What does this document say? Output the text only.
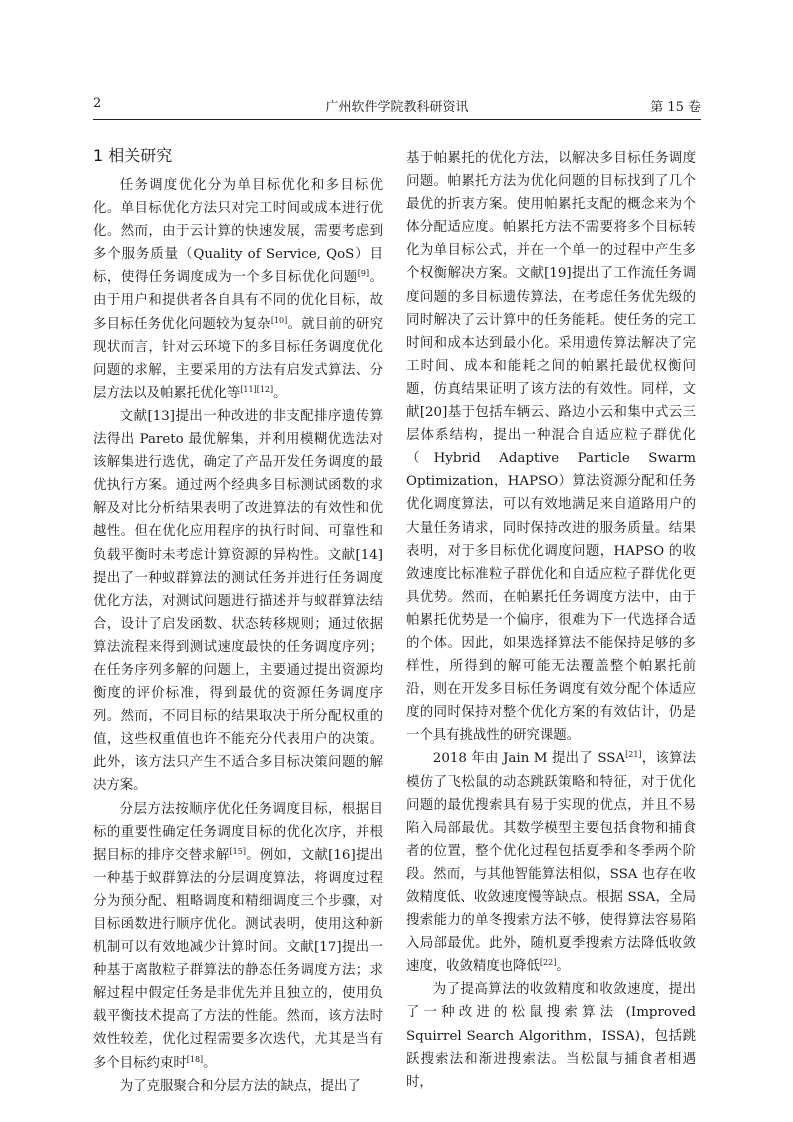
2	广州软件学院教科研资讯	第 15 卷
1 相关研究

任务调度优化分为单目标优化和多目标优化。单目标优化方法只对完工时间或成本进行优化。然而，由于云计算的快速发展，需要考虑到多个服务质量（Quality of Service, QoS）目标，使得任务调度成为一个多目标优化问题[9]。由于用户和提供者各自具有不同的优化目标，故多目标任务优化问题较为复杂[10]。就目前的研究现状而言，针对云环境下的多目标任务调度优化问题的求解，主要采用的方法有启发式算法、分层方法以及帕累托优化等[11][12]。

文献[13]提出一种改进的非支配排序遗传算法得出 Pareto 最优解集，并利用模糊优选法对该解集进行选优，确定了产品开发任务调度的最优执行方案。通过两个经典多目标测试函数的求解及对比分析结果表明了改进算法的有效性和优越性。但在优化应用程序的执行时间、可靠性和负载平衡时未考虑计算资源的异构性。文献[14]提出了一种蚁群算法的测试任务并进行任务调度优化方法，对测试问题进行描述并与蚁群算法结合，设计了启发函数、状态转移规则；通过依据算法流程来得到测试速度最快的任务调度序列；在任务序列多解的问题上，主要通过提出资源均衡度的评价标准，得到最优的资源任务调度序列。然而，不同目标的结果取决于所分配权重的值，这些权重值也许不能充分代表用户的决策。此外，该方法只产生不适合多目标决策问题的解决方案。

分层方法按顺序优化任务调度目标，根据目标的重要性确定任务调度目标的优化次序，并根据目标的排序交替求解[15]。例如，文献[16]提出一种基于蚁群算法的分层调度算法，将调度过程分为预分配、粗略调度和精细调度三个步骤，对目标函数进行顺序优化。测试表明，使用这种新机制可以有效地减少计算时间。文献[17]提出一种基于离散粒子群算法的静态任务调度方法；求解过程中假定任务是非优先并且独立的，使用负载平衡技术提高了方法的性能。然而，该方法时效性较差，优化过程需要多次迭代，尤其是当有多个目标约束时[18]。

为了克服聚合和分层方法的缺点，提出了

基于帕累托的优化方法，以解决多目标任务调度问题。帕累托方法为优化问题的目标找到了几个最优的折衷方案。使用帕累托支配的概念来为个体分配适应度。帕累托方法不需要将多个目标转化为单目标公式，并在一个单一的过程中产生多个权衡解决方案。文献[19]提出了工作流任务调度问题的多目标遗传算法，在考虑任务优先级的同时解决了云计算中的任务能耗。使任务的完工时间和成本达到最小化。采用遗传算法解决了完工时间、成本和能耗之间的帕累托最优权衡问题，仿真结果证明了该方法的有效性。同样，文献[20]基于包括车辆云、路边小云和集中式云三层体系结构，提出一种混合自适应粒子群优化（Hybrid Adaptive Particle Swarm Optimization，HAPSO）算法资源分配和任务优化调度算法，可以有效地满足来自道路用户的大量任务请求，同时保持改进的服务质量。结果表明，对于多目标优化调度问题，HAPSO 的收敛速度比标准粒子群优化和自适应粒子群优化更具优势。然而，在帕累托任务调度方法中，由于帕累托优势是一个偏序，很难为下一代选择合适的个体。因此，如果选择算法不能保持足够的多样性，所得到的解可能无法覆盖整个帕累托前沿，则在开发多目标任务调度有效分配个体适应度的同时保持对整个优化方案的有效估计，仍是一个具有挑战性的研究课题。

2018 年由 Jain M 提出了 SSA[21]，该算法模仿了飞松鼠的动态跳跃策略和特征，对于优化问题的最优搜索具有易于实现的优点，并且不易陷入局部最优。其数学模型主要包括食物和捕食者的位置，整个优化过程包括夏季和冬季两个阶段。然而，与其他智能算法相似，SSA 也存在收敛精度低、收敛速度慢等缺点。根据 SSA，全局搜索能力的单冬搜索方法不够，使得算法容易陷入局部最优。此外，随机夏季搜索方法降低收敛速度，收敛精度也降低[22]。

为了提高算法的收敛精度和收敛速度，提出了一种改进的松鼠搜索算法 (Improved Squirrel Search Algorithm，ISSA)，包括跳跃搜索法和渐进搜索法。当松鼠与捕食者相遇时，
